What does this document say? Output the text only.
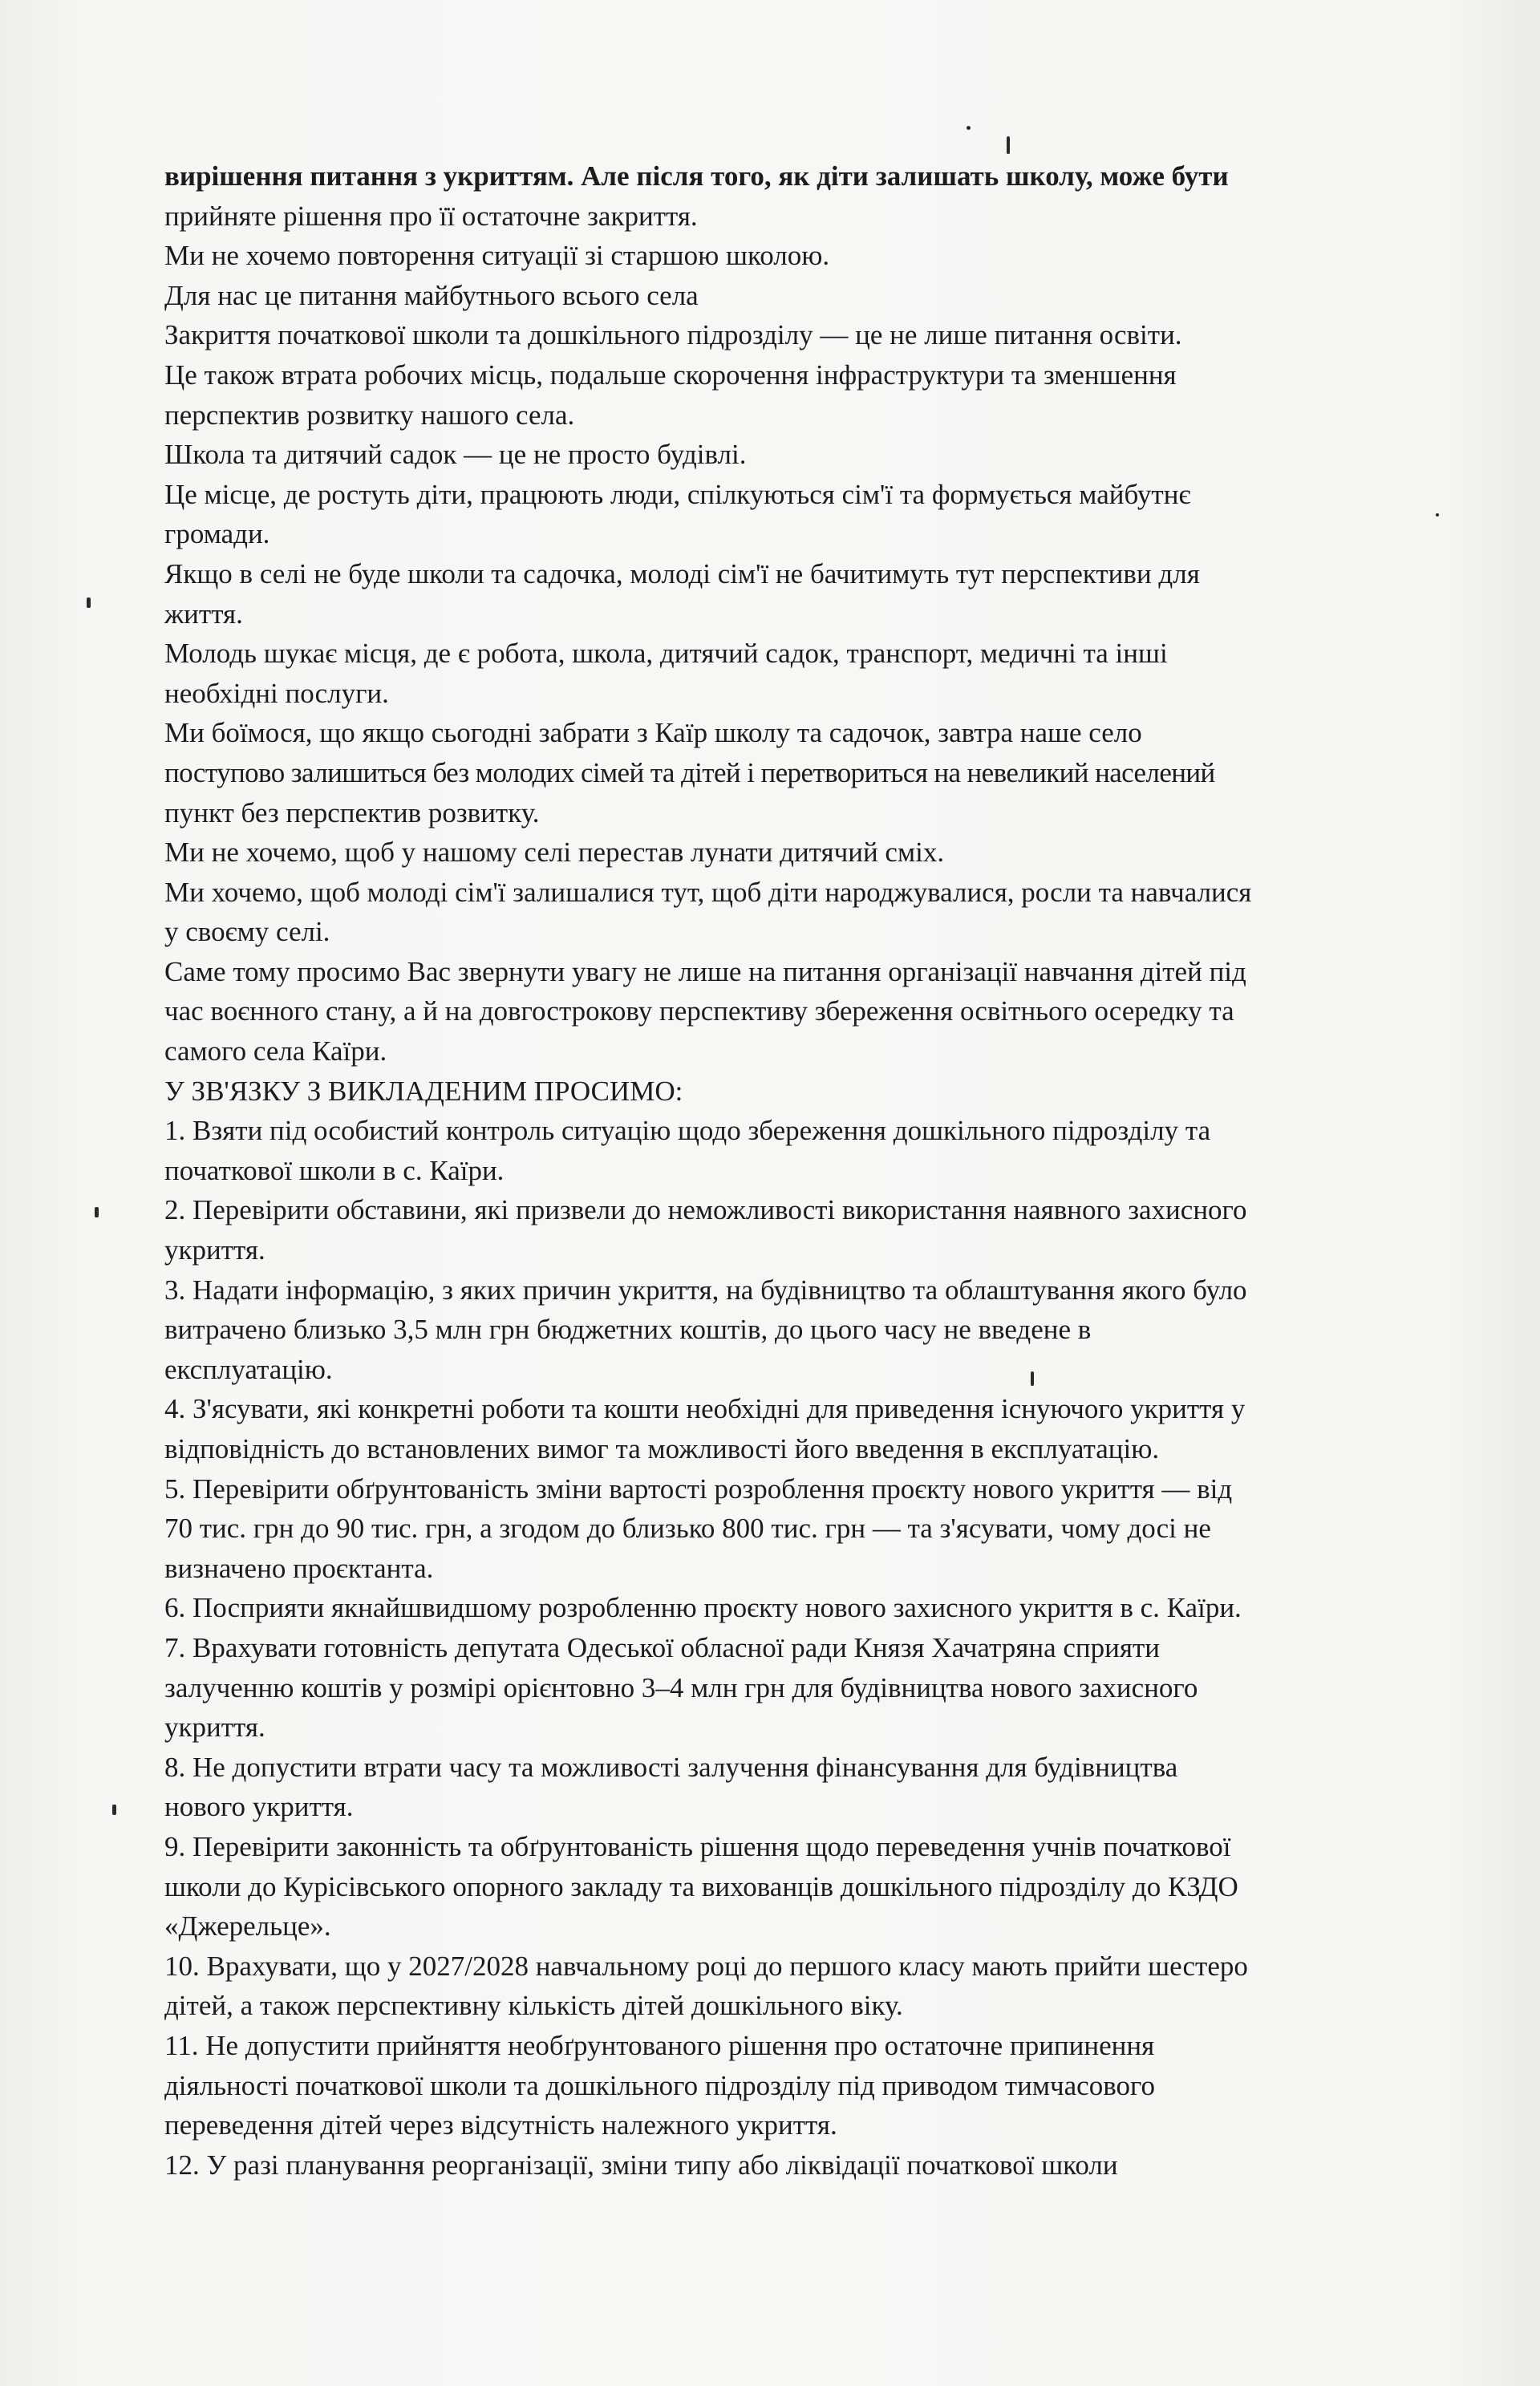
вирішення питання з укриттям. Але після того, як діти залишать школу, може бути

прийняте рішення про її остаточне закриття.

Ми не хочемо повторення ситуації зі старшою школою.

Для нас це питання майбутнього всього села

Закриття початкової школи та дошкільного підрозділу — це не лише питання освіти.

Це також втрата робочих місць, подальше скорочення інфраструктури та зменшення

перспектив розвитку нашого села.

Школа та дитячий садок — це не просто будівлі.

Це місце, де ростуть діти, працюють люди, спілкуються сім'ї та формується майбутнє

громади.

Якщо в селі не буде школи та садочка, молоді сім'ї не бачитимуть тут перспективи для

життя.

Молодь шукає місця, де є робота, школа, дитячий садок, транспорт, медичні та інші

необхідні послуги.

Ми боїмося, що якщо сьогодні забрати з Каїр школу та садочок, завтра наше село

поступово залишиться без молодих сімей та дітей і перетвориться на невеликий населений

пункт без перспектив розвитку.

Ми не хочемо, щоб у нашому селі перестав лунати дитячий сміх.

Ми хочемо, щоб молоді сім'ї залишалися тут, щоб діти народжувалися, росли та навчалися

у своєму селі.

Саме тому просимо Вас звернути увагу не лише на питання організації навчання дітей під

час воєнного стану, а й на довгострокову перспективу збереження освітнього осередку та

самого села Каїри.

У ЗВ'ЯЗКУ З ВИКЛАДЕНИМ ПРОСИМО:

1. Взяти під особистий контроль ситуацію щодо збереження дошкільного підрозділу та

початкової школи в с. Каїри.

2. Перевірити обставини, які призвели до неможливості використання наявного захисного

укриття.

3. Надати інформацію, з яких причин укриття, на будівництво та облаштування якого було

витрачено близько 3,5 млн грн бюджетних коштів, до цього часу не введене в

експлуатацію.

4. З'ясувати, які конкретні роботи та кошти необхідні для приведення існуючого укриття у

відповідність до встановлених вимог та можливості його введення в експлуатацію.

5. Перевірити обґрунтованість зміни вартості розроблення проєкту нового укриття — від

70 тис. грн до 90 тис. грн, а згодом до близько 800 тис. грн — та з'ясувати, чому досі не

визначено проєктанта.

6. Посприяти якнайшвидшому розробленню проєкту нового захисного укриття в с. Каїри.

7. Врахувати готовність депутата Одеської обласної ради Князя Хачатряна сприяти

залученню коштів у розмірі орієнтовно 3–4 млн грн для будівництва нового захисного

укриття.

8. Не допустити втрати часу та можливості залучення фінансування для будівництва

нового укриття.

9. Перевірити законність та обґрунтованість рішення щодо переведення учнів початкової

школи до Курісівського опорного закладу та вихованців дошкільного підрозділу до КЗДО

«Джерельце».

10. Врахувати, що у 2027/2028 навчальному році до першого класу мають прийти шестеро

дітей, а також перспективну кількість дітей дошкільного віку.

11. Не допустити прийняття необґрунтованого рішення про остаточне припинення

діяльності початкової школи та дошкільного підрозділу під приводом тимчасового

переведення дітей через відсутність належного укриття.

12. У разі планування реорганізації, зміни типу або ліквідації початкової школи
